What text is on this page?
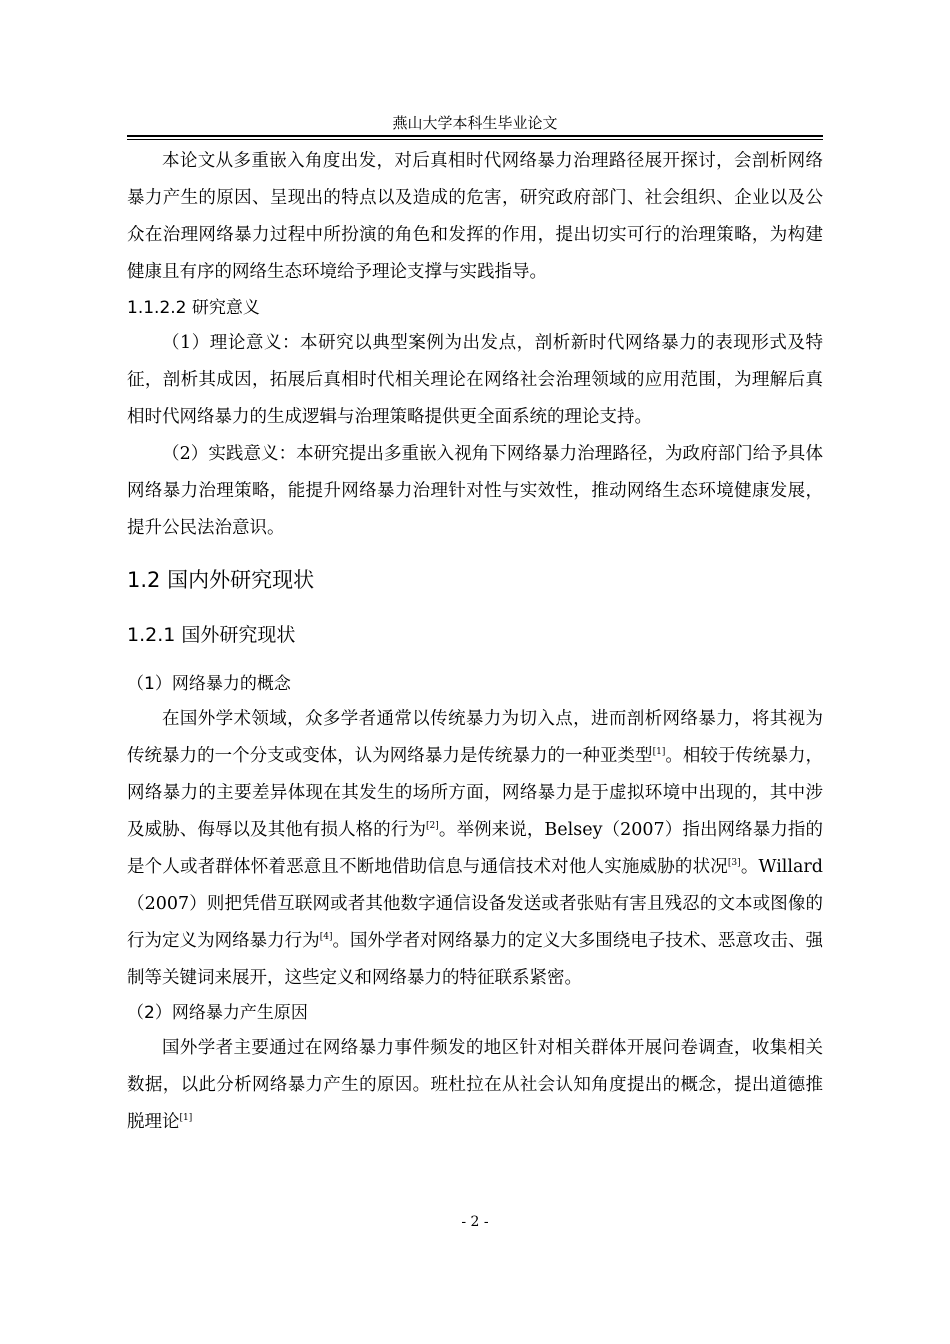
燕山大学本科生毕业论文

本论文从多重嵌入角度出发，对后真相时代网络暴力治理路径展开探讨，会剖析网络暴力产生的原因、呈现出的特点以及造成的危害，研究政府部门、社会组织、企业以及公众在治理网络暴力过程中所扮演的角色和发挥的作用，提出切实可行的治理策略，为构建健康且有序的网络生态环境给予理论支撑与实践指导。

1.1.2.2 研究意义

（1）理论意义：本研究以典型案例为出发点，剖析新时代网络暴力的表现形式及特征，剖析其成因，拓展后真相时代相关理论在网络社会治理领域的应用范围，为理解后真相时代网络暴力的生成逻辑与治理策略提供更全面系统的理论支持。

（2）实践意义：本研究提出多重嵌入视角下网络暴力治理路径，为政府部门给予具体网络暴力治理策略，能提升网络暴力治理针对性与实效性，推动网络生态环境健康发展，提升公民法治意识。

1.2 国内外研究现状

1.2.1 国外研究现状

（1）网络暴力的概念

在国外学术领域，众多学者通常以传统暴力为切入点，进而剖析网络暴力，将其视为传统暴力的一个分支或变体，认为网络暴力是传统暴力的一种亚类型[1]。相较于传统暴力，网络暴力的主要差异体现在其发生的场所方面，网络暴力是于虚拟环境中出现的，其中涉及威胁、侮辱以及其他有损人格的行为[2]。举例来说，Belsey（2007）指出网络暴力指的是个人或者群体怀着恶意且不断地借助信息与通信技术对他人实施威胁的状况[3]。Willard（2007）则把凭借互联网或者其他数字通信设备发送或者张贴有害且残忍的文本或图像的行为定义为网络暴力行为[4]。国外学者对网络暴力的定义大多围绕电子技术、恶意攻击、强制等关键词来展开，这些定义和网络暴力的特征联系紧密。

（2）网络暴力产生原因

国外学者主要通过在网络暴力事件频发的地区针对相关群体开展问卷调查，收集相关数据，以此分析网络暴力产生的原因。班杜拉在从社会认知角度提出的概念，提出道德推脱理论[1]

- 2 -
